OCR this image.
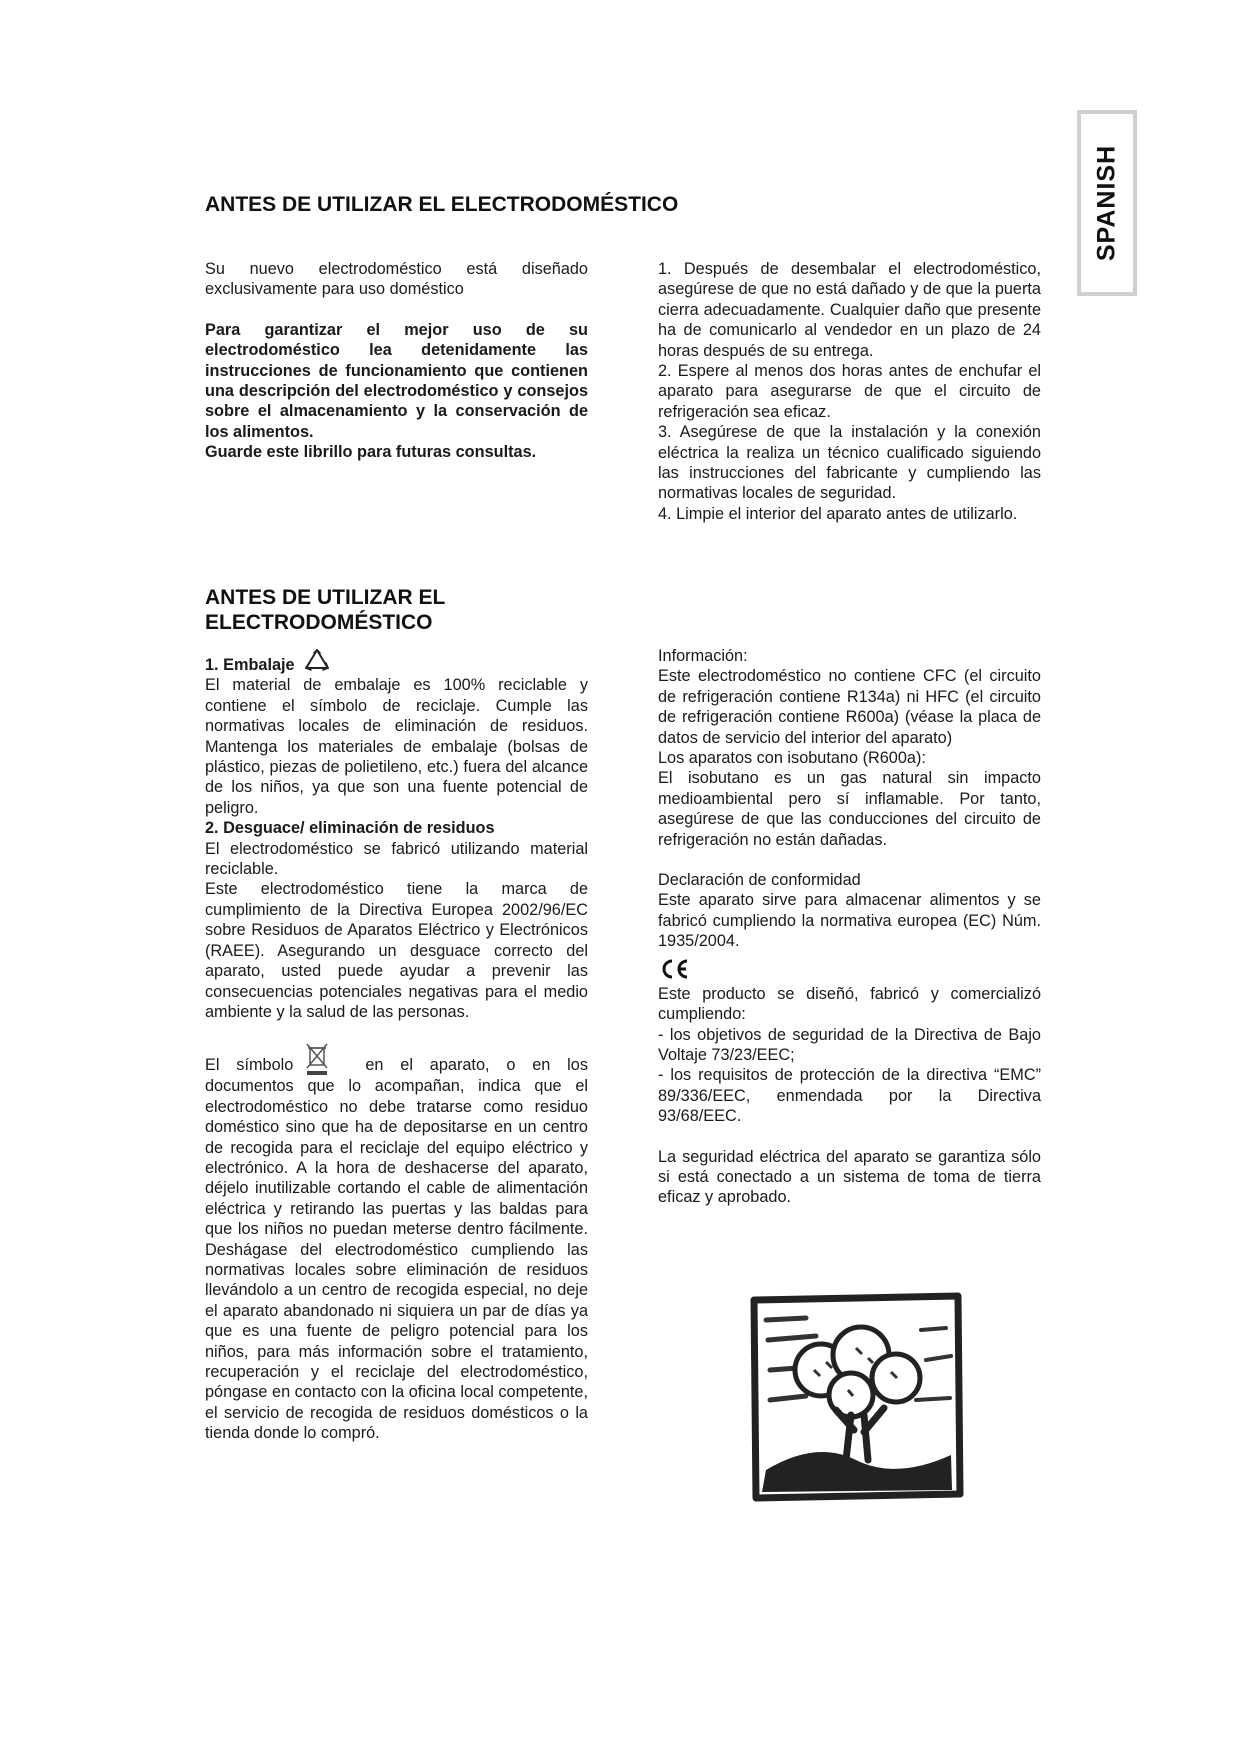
SPANISH
ANTES DE UTILIZAR EL ELECTRODOMÉSTICO

Su nuevo electrodoméstico está diseñado exclusivamente para uso doméstico

Para garantizar el mejor uso de su electrodoméstico lea detenidamente las instrucciones de funcionamiento que contienen una descripción del electrodoméstico y consejos sobre el almacenamiento y la conservación de los alimentos.

Guarde este librillo para futuras consultas.

1. Después de desembalar el electrodoméstico, asegúrese de que no está dañado y de que la puerta cierra adecuadamente. Cualquier daño que presente ha de comunicarlo al vendedor en un plazo de 24 horas después de su entrega.

2. Espere al menos dos horas antes de enchufar el aparato para asegurarse de que el circuito de refrigeración sea eficaz.

3. Asegúrese de que la instalación y la conexión eléctrica la realiza un técnico cualificado siguiendo las instrucciones del fabricante y cumpliendo las normativas locales de seguridad.

4. Limpie el interior del aparato antes de utilizarlo.

ANTES DE UTILIZAR EL ELECTRODOMÉSTICO

1. Embalaje

El material de embalaje es 100% reciclable y contiene el símbolo de reciclaje. Cumple las normativas locales de eliminación de residuos. Mantenga los materiales de embalaje (bolsas de plástico, piezas de polietileno, etc.) fuera del alcance de los niños, ya que son una fuente potencial de peligro.

2. Desguace/ eliminación de residuos

El electrodoméstico se fabricó utilizando material reciclable.

Este electrodoméstico tiene la marca de cumplimiento de la Directiva Europea 2002/96/EC sobre Residuos de Aparatos Eléctrico y Electrónicos (RAEE). Asegurando un desguace correcto del aparato, usted puede ayudar a prevenir las consecuencias potenciales negativas para el medio ambiente y la salud de las personas.

El símbolo	en el aparato, o en los documentos que lo acompañan, indica que el electrodoméstico no debe tratarse como residuo doméstico sino que ha de depositarse en un centro de recogida para el reciclaje del equipo eléctrico y electrónico. A la hora de deshacerse del aparato, déjelo inutilizable cortando el cable de alimentación eléctrica y retirando las puertas y las baldas para que los niños no puedan meterse dentro fácilmente. Deshágase del electrodoméstico cumpliendo las normativas locales sobre eliminación de residuos llevándolo a un centro de recogida especial, no deje el aparato abandonado ni siquiera un par de días ya que es una fuente de peligro potencial para los niños, para más información sobre el tratamiento, recuperación y el reciclaje del electrodoméstico, póngase en contacto con la oficina local competente, el servicio de recogida de residuos domésticos o la tienda donde lo compró.

Información:

Este electrodoméstico no contiene CFC (el circuito de refrigeración contiene R134a) ni HFC (el circuito de refrigeración contiene R600a) (véase la placa de datos de servicio del interior del aparato)

Los aparatos con isobutano (R600a):

El isobutano es un gas natural sin impacto medioambiental pero sí inflamable. Por tanto, asegúrese de que las conducciones del circuito de refrigeración no están dañadas.

Declaración de conformidad

Este aparato sirve para almacenar alimentos y se fabricó cumpliendo la normativa europea (EC) Núm. 1935/2004.

Este producto se diseñó, fabricó y comercializó cumpliendo:

- los objetivos de seguridad de la Directiva de Bajo Voltaje 73/23/EEC;

- los requisitos de protección de la directiva “EMC” 89/336/EEC, enmendada por la Directiva 93/68/EEC.

La seguridad eléctrica del aparato se garantiza sólo si está conectado a un sistema de toma de tierra eficaz y aprobado.
